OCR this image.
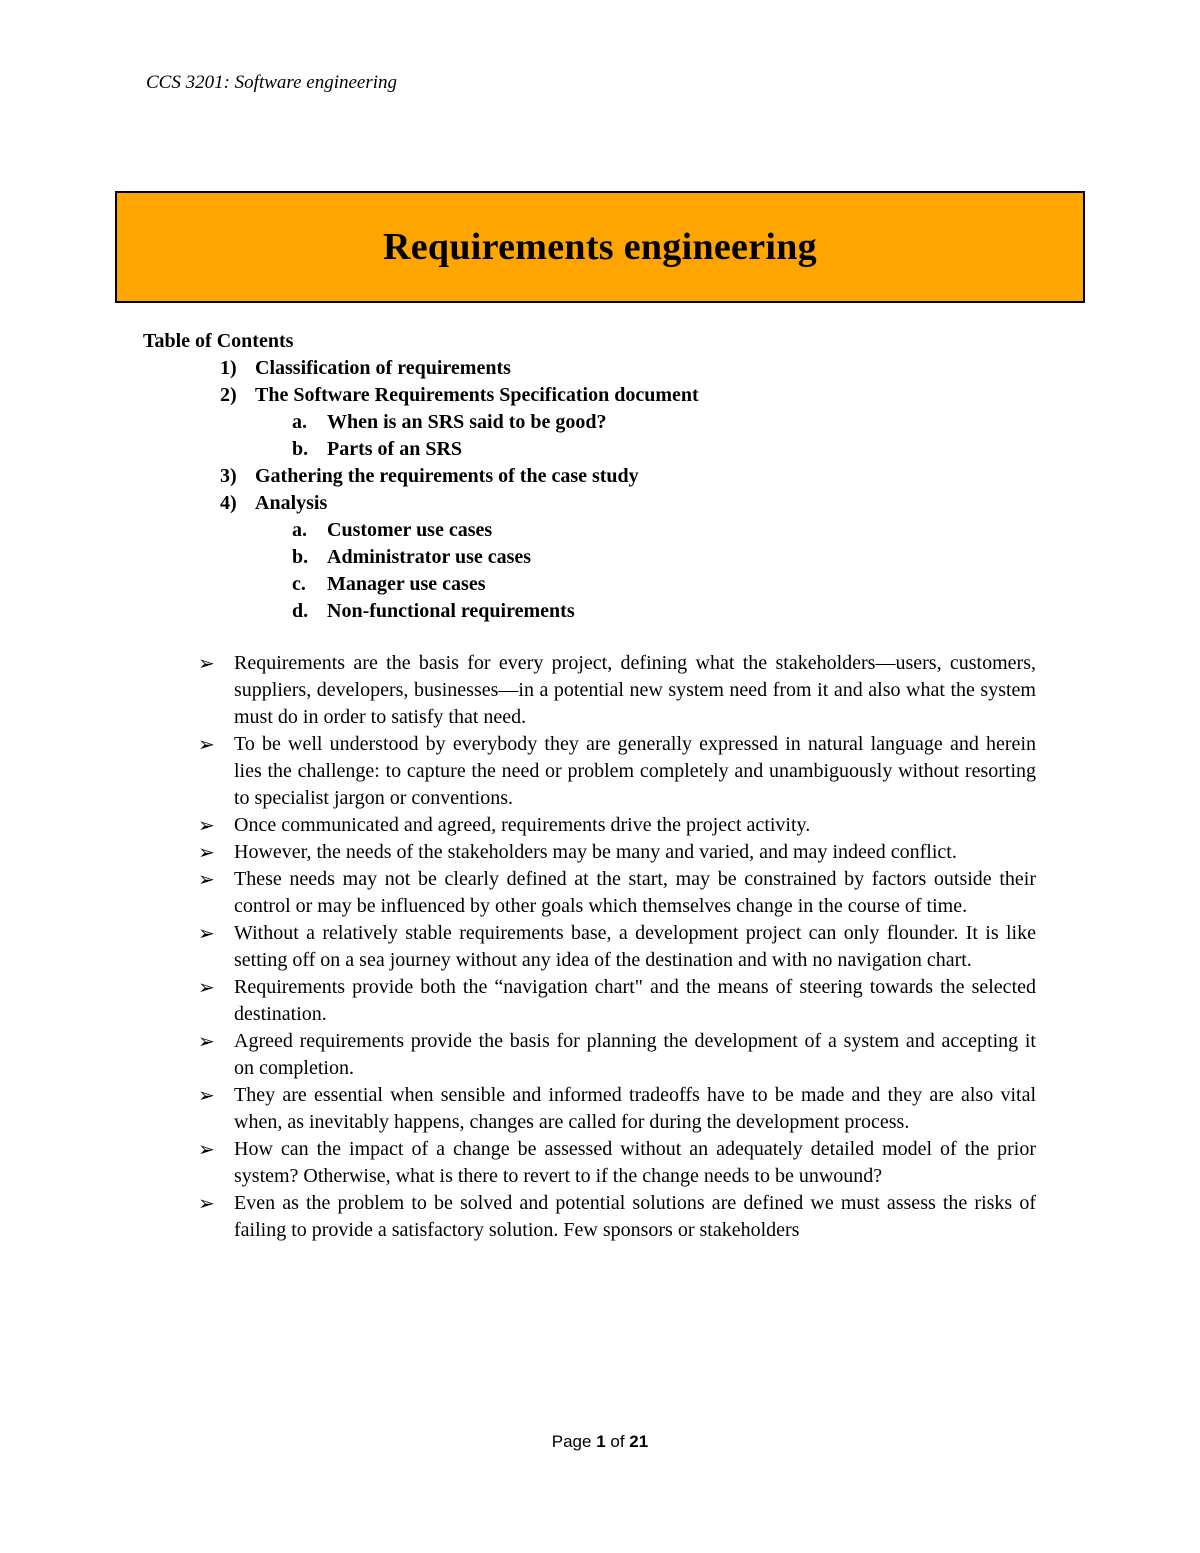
CCS 3201: Software engineering
Requirements engineering
Table of Contents
1) Classification of requirements
2) The Software Requirements Specification document
a. When is an SRS said to be good?
b. Parts of an SRS
3) Gathering the requirements of the case study
4) Analysis
a. Customer use cases
b. Administrator use cases
c. Manager use cases
d. Non-functional requirements
➢ Requirements are the basis for every project, defining what the stakeholders—users, customers, suppliers, developers, businesses—in a potential new system need from it and also what the system must do in order to satisfy that need.
➢ To be well understood by everybody they are generally expressed in natural language and herein lies the challenge: to capture the need or problem completely and unambiguously without resorting to specialist jargon or conventions.
➢ Once communicated and agreed, requirements drive the project activity.
➢ However, the needs of the stakeholders may be many and varied, and may indeed conflict.
➢ These needs may not be clearly defined at the start, may be constrained by factors outside their control or may be influenced by other goals which themselves change in the course of time.
➢ Without a relatively stable requirements base, a development project can only flounder. It is like setting off on a sea journey without any idea of the destination and with no navigation chart.
➢ Requirements provide both the “navigation chart" and the means of steering towards the selected destination.
➢ Agreed requirements provide the basis for planning the development of a system and accepting it on completion.
➢ They are essential when sensible and informed tradeoffs have to be made and they are also vital when, as inevitably happens, changes are called for during the development process.
➢ How can the impact of a change be assessed without an adequately detailed model of the prior system? Otherwise, what is there to revert to if the change needs to be unwound?
➢ Even as the problem to be solved and potential solutions are defined we must assess the risks of failing to provide a satisfactory solution. Few sponsors or stakeholders
Page 1 of 21
